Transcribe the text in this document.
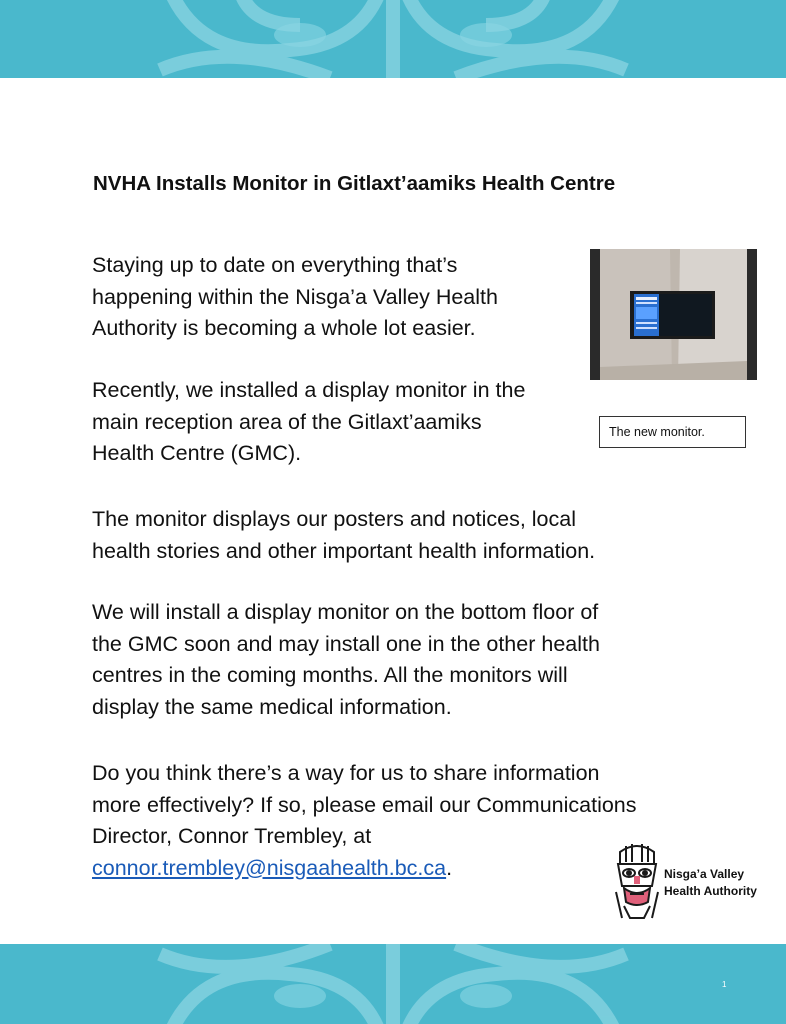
NVHA Installs Monitor in Gitlaxt’aamiks Health Centre

Staying up to date on everything that’s
happening within the Nisga’a Valley Health
Authority is becoming a whole lot easier.

Recently, we installed a display monitor in the
main reception area of the Gitlaxt’aamiks
Health Centre (GMC).

The monitor displays our posters and notices, local
health stories and other important health information.

We will install a display monitor on the bottom floor of
the GMC soon and may install one in the other health
centres in the coming months. All the monitors will
display the same medical information.

Do you think there’s a way for us to share information
more effectively? If so, please email our Communications
Director, Connor Trembley, at
connor.trembley@nisgaahealth.bc.ca.

The new monitor.
Nisga’a Valley
Health Authority
1
